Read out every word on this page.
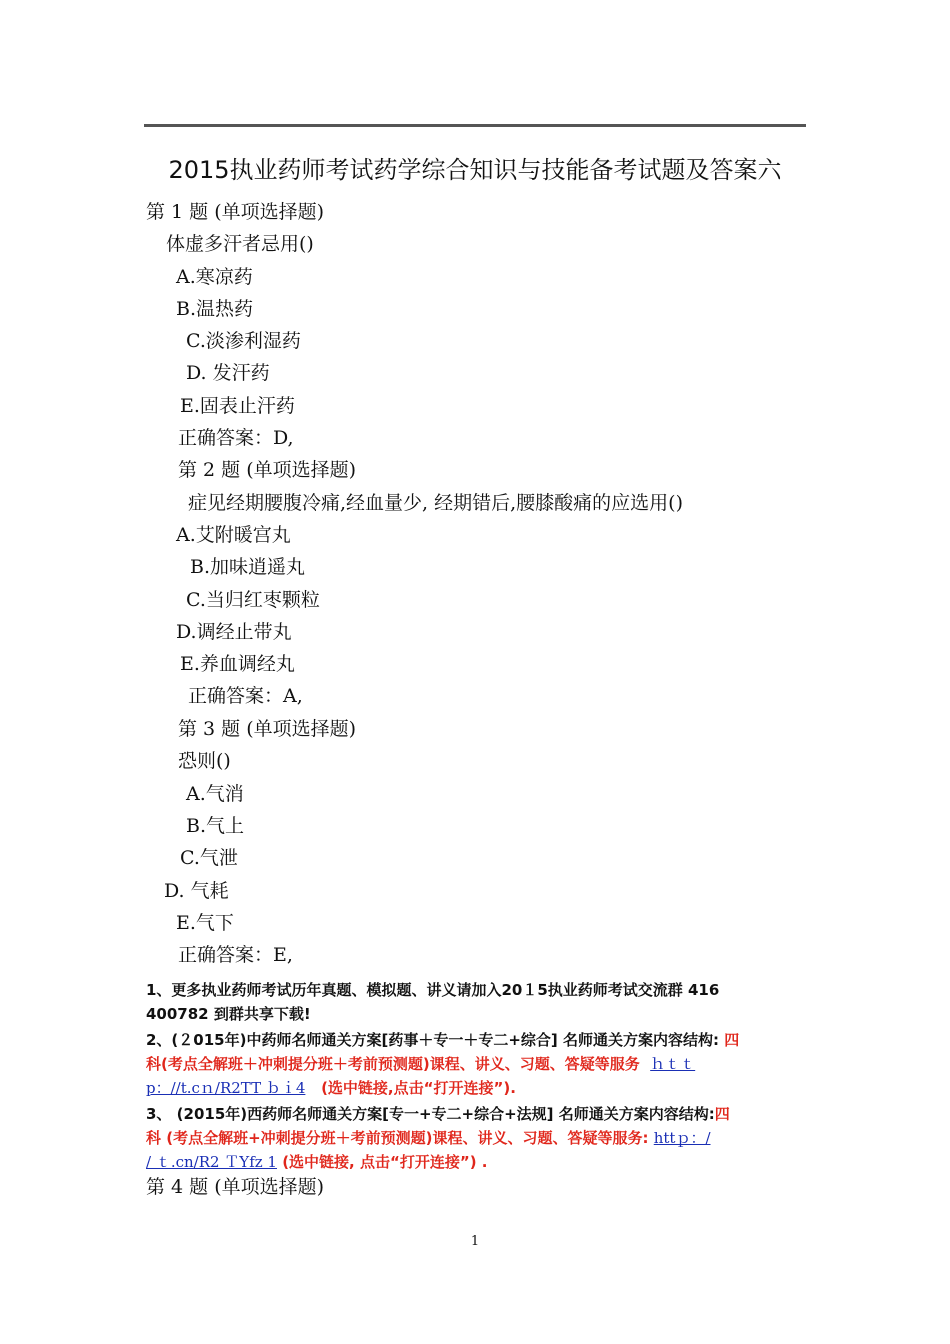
2015执业药师考试药学综合知识与技能备考试题及答案六
第 1 题 (单项选择题)
体虚多汗者忌用()
A.寒凉药
B.温热药
C.淡渗利湿药
D. 发汗药
E.固表止汗药
正确答案：D,
第 2 题 (单项选择题)
症见经期腰腹冷痛,经血量少, 经期错后,腰膝酸痛的应选用()
A.艾附暖宫丸
B.加味逍遥丸
C.当归红枣颗粒
D.调经止带丸
E.养血调经丸
正确答案：A,
第 3 题 (单项选择题)
恐则()
A.气消
B.气上
C.气泄
D. 气耗
E.气下
正确答案：E,
1、更多执业药师考试历年真题、模拟题、讲义请加入20１5执业药师考试交流群 416
400782 到群共享下载!
2、(２015年)中药师名师通关方案[药事＋专一＋专二+综合] 名师通关方案内容结构: 四
科(考点全解班＋冲刺提分班＋考前预测题)课程、讲义、习题、答疑等服务 ｈｔｔ
p：//t.cｎ/R2TT ｂｉ4 (选中链接,点击“打开连接”).
3、 (2015年)西药师名师通关方案[专一+专二+综合+法规] 名师通关方案内容结构:四
科 (考点全解班+冲刺提分班＋考前预测题)课程、讲义、习题、答疑等服务: httｐ：/
/ ｔ.cn/R2 ＴYfz 1 (选中链接, 点击“打开连接”) .
第 4 题 (单项选择题)
1
